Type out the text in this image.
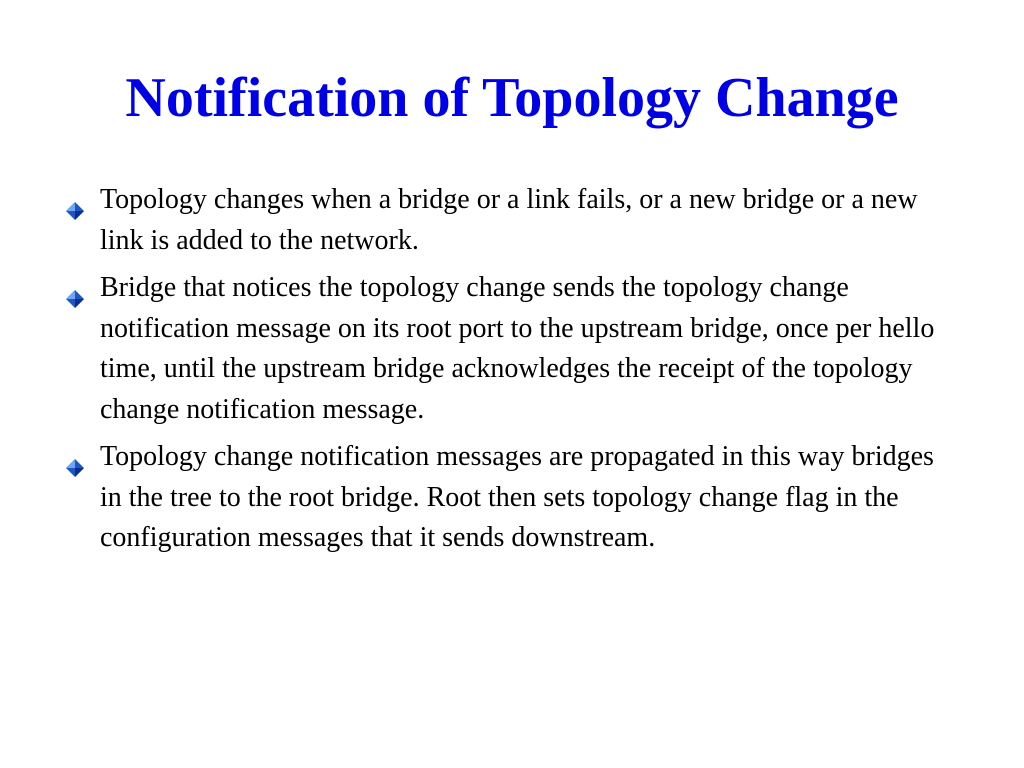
Notification of Topology Change
Topology changes when a bridge or a link fails, or a new bridge or a new link is added to the network.
Bridge that notices the topology change sends the topology change notification message on its root port to the upstream bridge, once per hello time, until the upstream bridge acknowledges the receipt of the topology change notification message.
Topology change notification messages are propagated in this way bridges in the tree to the root bridge. Root then sets topology change flag in the configuration messages that it sends downstream.
